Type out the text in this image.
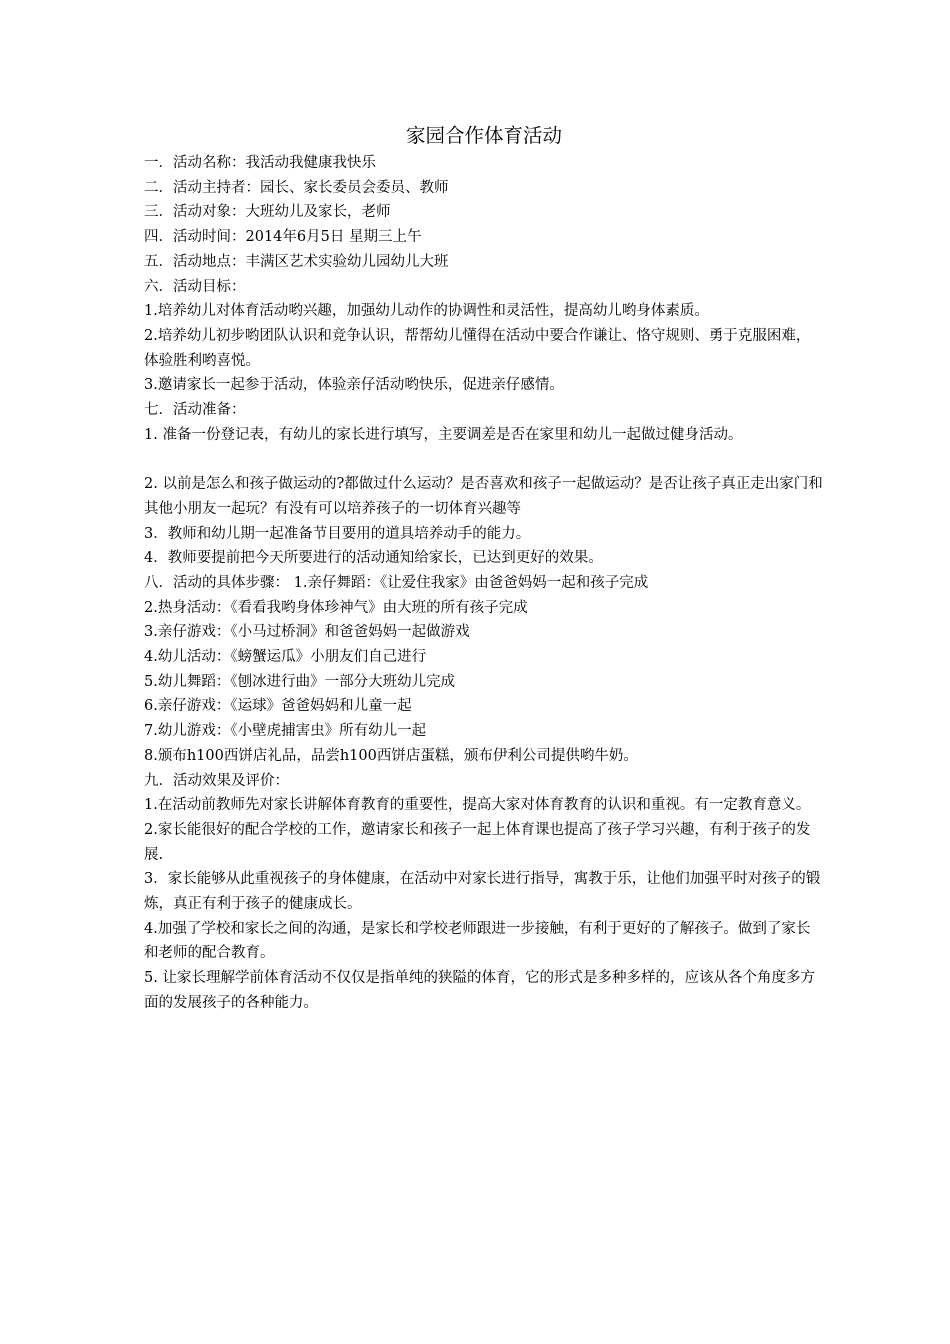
家园合作体育活动

一．活动名称：我活动我健康我快乐

二．活动主持者：园长、家长委员会委员、教师

三．活动对象：大班幼儿及家长，老师

四．活动时间：2014年6月5日 星期三上午

五．活动地点：丰满区艺术实验幼儿园幼儿大班

六．活动目标：

1.培养幼儿对体育活动哟兴趣，加强幼儿动作的协调性和灵活性，提高幼儿哟身体素质。

2.培养幼儿初步哟团队认识和竞争认识，帮帮幼儿懂得在活动中要合作谦让、恪守规则、勇于克服困难，体验胜利哟喜悦。

3.邀请家长一起参于活动，体验亲仔活动哟快乐，促进亲仔感情。

七．活动准备：

1. 准备一份登记表，有幼儿的家长进行填写，主要调差是否在家里和幼儿一起做过健身活动。

2. 以前是怎么和孩子做运动的?都做过什么运动？是否喜欢和孩子一起做运动？是否让孩子真正走出家门和其他小朋友一起玩？有没有可以培养孩子的一切体育兴趣等

3．教师和幼儿期一起准备节目要用的道具培养动手的能力。

4．教师要提前把今天所要进行的活动通知给家长，已达到更好的效果。

八．活动的具体步骤： 1.亲仔舞蹈：《让爱住我家》由爸爸妈妈一起和孩子完成

2.热身活动：《看看我哟身体珍神气》由大班的所有孩子完成

3.亲仔游戏：《小马过桥洞》和爸爸妈妈一起做游戏

4.幼儿活动：《螃蟹运瓜》小朋友们自己进行

5.幼儿舞蹈：《刨冰进行曲》一部分大班幼儿完成

6.亲仔游戏：《运球》爸爸妈妈和儿童一起

7.幼儿游戏：《小壁虎捕害虫》所有幼儿一起

8.颁布h100西饼店礼品，品尝h100西饼店蛋糕，颁布伊利公司提供哟牛奶。

九．活动效果及评价：

1.在活动前教师先对家长讲解体育教育的重要性，提高大家对体育教育的认识和重视。有一定教育意义。

2.家长能很好的配合学校的工作，邀请家长和孩子一起上体育课也提高了孩子学习兴趣，有利于孩子的发展.

3．家长能够从此重视孩子的身体健康，在活动中对家长进行指导，寓教于乐，让他们加强平时对孩子的锻炼，真正有利于孩子的健康成长。

4.加强了学校和家长之间的沟通，是家长和学校老师跟进一步接触，有利于更好的了解孩子。做到了家长和老师的配合教育。

5. 让家长理解学前体育活动不仅仅是指单纯的狭隘的体育，它的形式是多种多样的，应该从各个角度多方面的发展孩子的各种能力。
